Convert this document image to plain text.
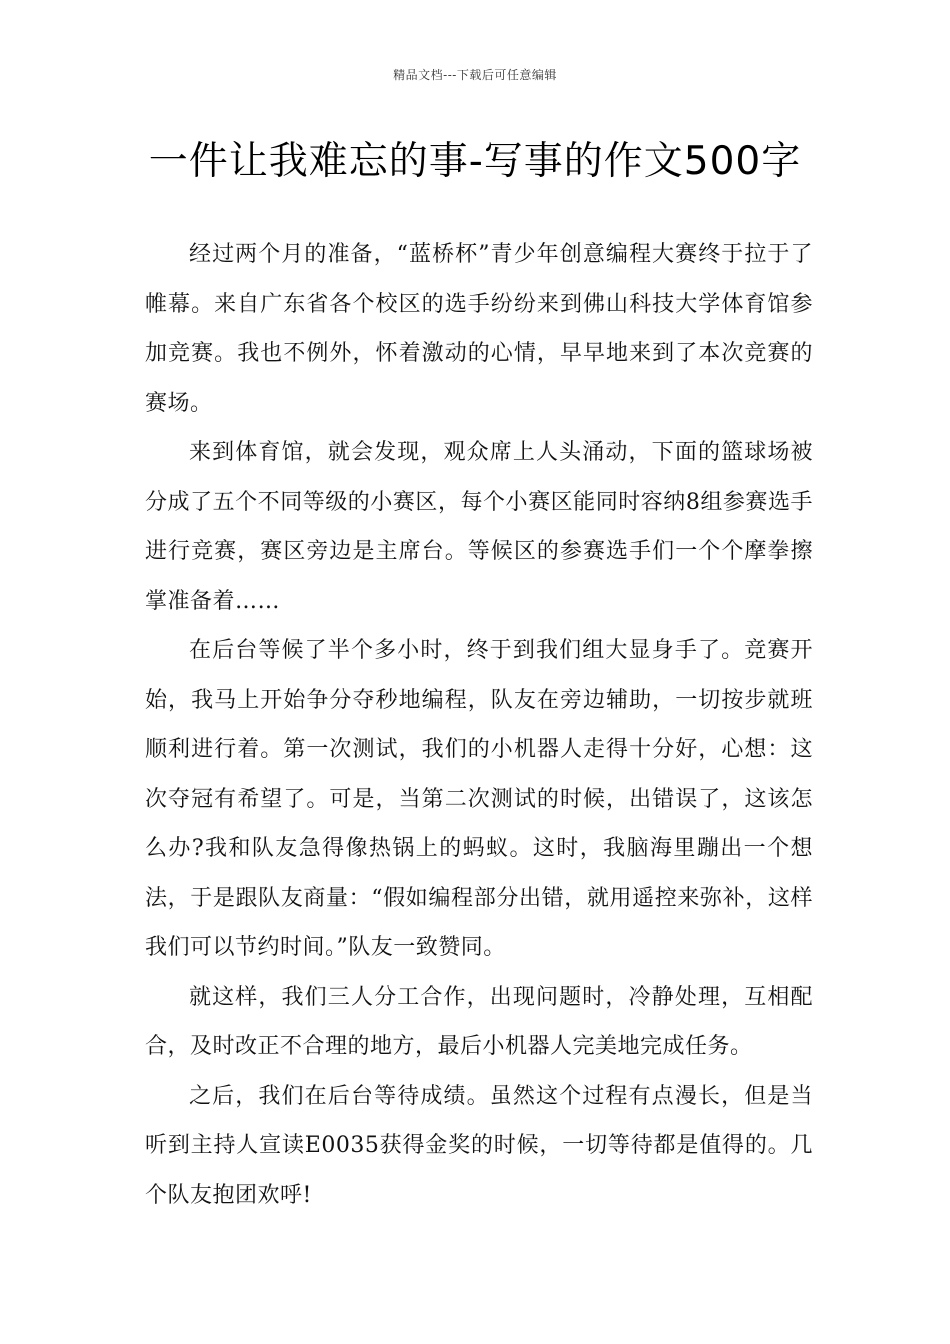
精品文档---下载后可任意编辑
一件让我难忘的事-写事的作文500字

经过两个月的准备，“蓝桥杯”青少年创意编程大赛终于拉于了帷幕。来自广东省各个校区的选手纷纷来到佛山科技大学体育馆参加竞赛。我也不例外，怀着激动的心情，早早地来到了本次竞赛的赛场。

来到体育馆，就会发现，观众席上人头涌动，下面的篮球场被分成了五个不同等级的小赛区，每个小赛区能同时容纳8组参赛选手进行竞赛，赛区旁边是主席台。等候区的参赛选手们一个个摩拳擦掌准备着……

在后台等候了半个多小时，终于到我们组大显身手了。竞赛开始，我马上开始争分夺秒地编程，队友在旁边辅助，一切按步就班顺利进行着。第一次测试，我们的小机器人走得十分好，心想：这次夺冠有希望了。可是，当第二次测试的时候，出错误了，这该怎么办?我和队友急得像热锅上的蚂蚁。这时，我脑海里蹦出一个想法，于是跟队友商量：“假如编程部分出错，就用遥控来弥补，这样我们可以节约时间。”队友一致赞同。

就这样，我们三人分工合作，出现问题时，冷静处理，互相配合，及时改正不合理的地方，最后小机器人完美地完成任务。

之后，我们在后台等待成绩。虽然这个过程有点漫长，但是当听到主持人宣读E0035获得金奖的时候，一切等待都是值得的。几个队友抱团欢呼!
